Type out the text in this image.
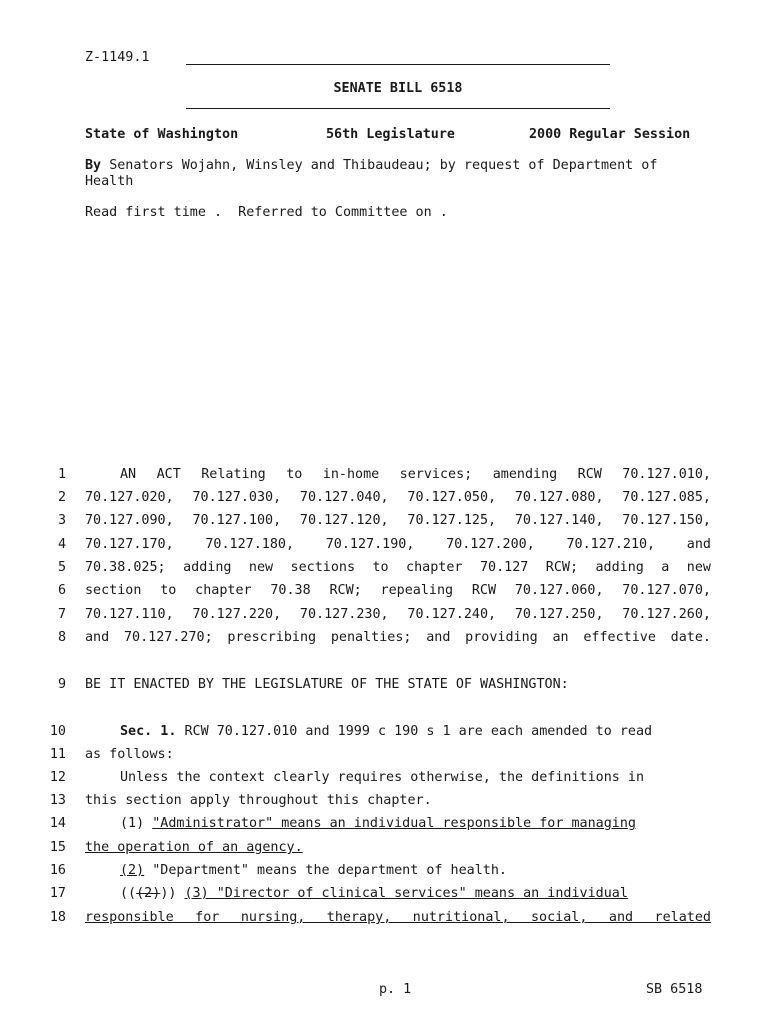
Z-1149.1
SENATE BILL 6518
State of Washington	56th Legislature	2000 Regular Session
By Senators Wojahn, Winsley and Thibaudeau; by request of Department of
Health
Read first time .  Referred to Committee on .
1	AN ACT Relating to in-home services; amending RCW 70.127.010,
2 70.127.020, 70.127.030, 70.127.040, 70.127.050, 70.127.080, 70.127.085,
3 70.127.090, 70.127.100, 70.127.120, 70.127.125, 70.127.140, 70.127.150,
4 70.127.170, 70.127.180, 70.127.190, 70.127.200, 70.127.210, and
5 70.38.025; adding new sections to chapter 70.127 RCW; adding a new
6 section to chapter 70.38 RCW; repealing RCW 70.127.060, 70.127.070,
7 70.127.110, 70.127.220, 70.127.230, 70.127.240, 70.127.250, 70.127.260,
8 and 70.127.270; prescribing penalties; and providing an effective date.
9 BE IT ENACTED BY THE LEGISLATURE OF THE STATE OF WASHINGTON:
10	Sec. 1. RCW 70.127.010 and 1999 c 190 s 1 are each amended to read
11 as follows:
12	Unless the context clearly requires otherwise, the definitions in
13 this section apply throughout this chapter.
14	(1) "Administrator" means an individual responsible for managing
15 the operation of an agency.
16	(2) "Department" means the department of health.
17	(((2))) (3) "Director of clinical services" means an individual
18 responsible for nursing, therapy, nutritional, social, and related
p. 1	SB 6518
